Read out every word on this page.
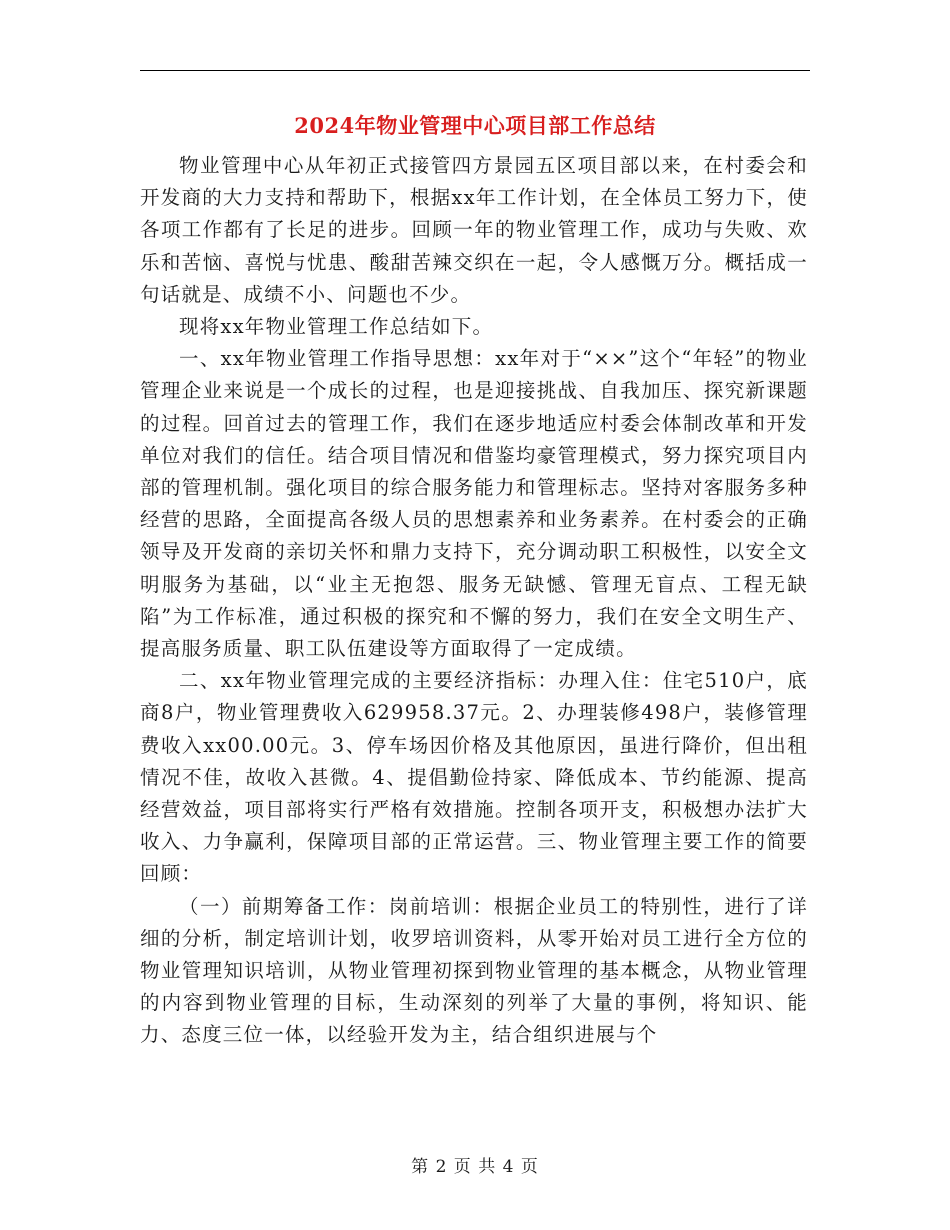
2024年物业管理中心项目部工作总结

物业管理中心从年初正式接管四方景园五区项目部以来，在村委会和开发商的大力支持和帮助下，根据xx年工作计划，在全体员工努力下，使各项工作都有了长足的进步。回顾一年的物业管理工作，成功与失败、欢乐和苦恼、喜悦与忧患、酸甜苦辣交织在一起，令人感慨万分。概括成一句话就是、成绩不小、问题也不少。

现将xx年物业管理工作总结如下。

一、xx年物业管理工作指导思想：xx年对于“××”这个“年轻”的物业管理企业来说是一个成长的过程，也是迎接挑战、自我加压、探究新课题的过程。回首过去的管理工作，我们在逐步地适应村委会体制改革和开发单位对我们的信任。结合项目情况和借鉴均豪管理模式，努力探究项目内部的管理机制。强化项目的综合服务能力和管理标志。坚持对客服务多种经营的思路，全面提高各级人员的思想素养和业务素养。在村委会的正确领导及开发商的亲切关怀和鼎力支持下，充分调动职工积极性，以安全文明服务为基础，以“业主无抱怨、服务无缺憾、管理无盲点、工程无缺陷”为工作标准，通过积极的探究和不懈的努力，我们在安全文明生产、提高服务质量、职工队伍建设等方面取得了一定成绩。

二、xx年物业管理完成的主要经济指标：办理入住：住宅510户，底商8户，物业管理费收入629958.37元。2、办理装修498户，装修管理费收入xx00.00元。3、停车场因价格及其他原因，虽进行降价，但出租情况不佳，故收入甚微。4、提倡勤俭持家、降低成本、节约能源、提高经营效益，项目部将实行严格有效措施。控制各项开支，积极想办法扩大收入、力争赢利，保障项目部的正常运营。三、物业管理主要工作的简要回顾：

（一）前期筹备工作：岗前培训：根据企业员工的特别性，进行了详细的分析，制定培训计划，收罗培训资料，从零开始对员工进行全方位的物业管理知识培训，从物业管理初探到物业管理的基本概念，从物业管理的内容到物业管理的目标，生动深刻的列举了大量的事例，将知识、能力、态度三位一体，以经验开发为主，结合组织进展与个

第 2 页 共 4 页
